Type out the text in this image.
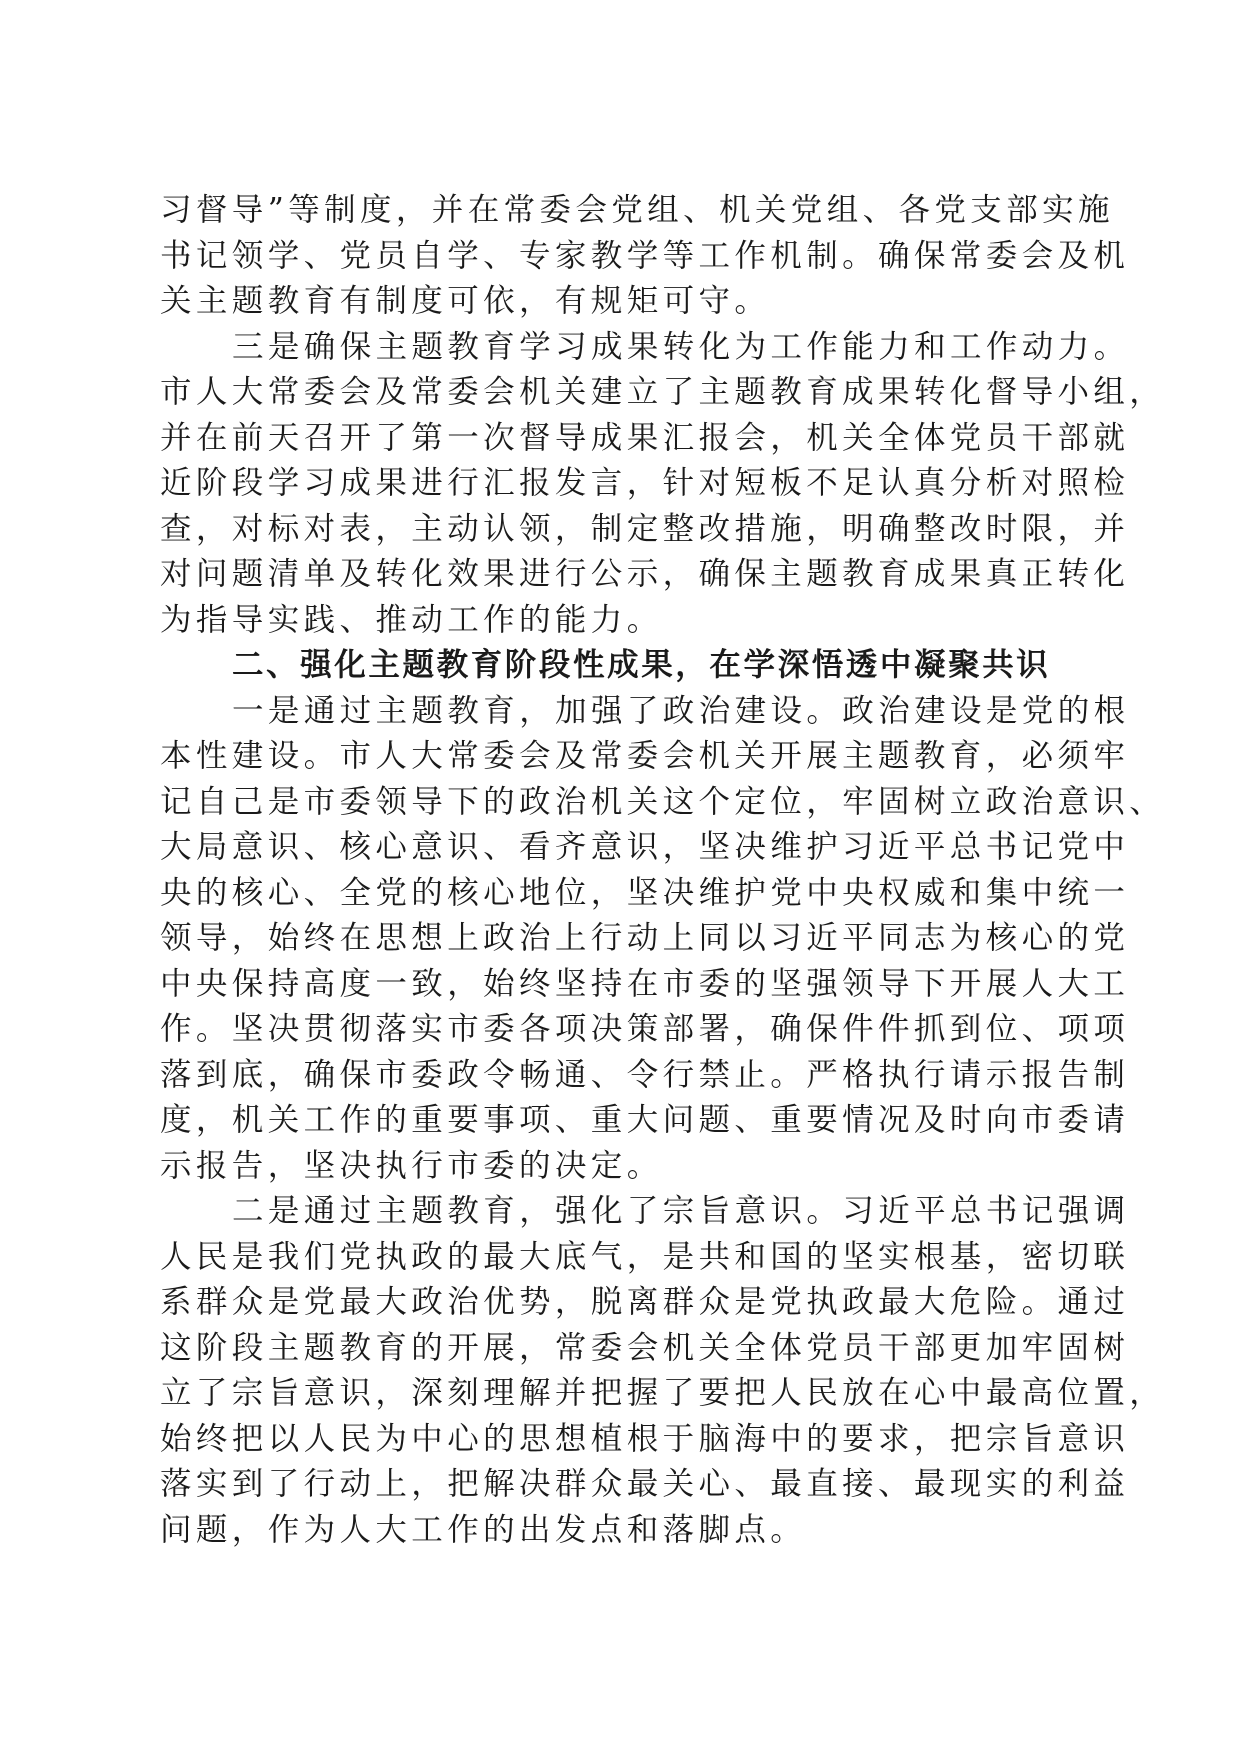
习督导”等制度，并在常委会党组、机关党组、各党支部实施
书记领学、党员自学、专家教学等工作机制。确保常委会及机
关主题教育有制度可依，有规矩可守。
三是确保主题教育学习成果转化为工作能力和工作动力。
市人大常委会及常委会机关建立了主题教育成果转化督导小组，
并在前天召开了第一次督导成果汇报会，机关全体党员干部就
近阶段学习成果进行汇报发言，针对短板不足认真分析对照检
查，对标对表，主动认领，制定整改措施，明确整改时限，并
对问题清单及转化效果进行公示，确保主题教育成果真正转化
为指导实践、推动工作的能力。
二、强化主题教育阶段性成果，在学深悟透中凝聚共识
一是通过主题教育，加强了政治建设。政治建设是党的根
本性建设。市人大常委会及常委会机关开展主题教育，必须牢
记自己是市委领导下的政治机关这个定位，牢固树立政治意识、
大局意识、核心意识、看齐意识，坚决维护习近平总书记党中
央的核心、全党的核心地位，坚决维护党中央权威和集中统一
领导，始终在思想上政治上行动上同以习近平同志为核心的党
中央保持高度一致，始终坚持在市委的坚强领导下开展人大工
作。坚决贯彻落实市委各项决策部署，确保件件抓到位、项项
落到底，确保市委政令畅通、令行禁止。严格执行请示报告制
度，机关工作的重要事项、重大问题、重要情况及时向市委请
示报告，坚决执行市委的决定。
二是通过主题教育，强化了宗旨意识。习近平总书记强调
人民是我们党执政的最大底气，是共和国的坚实根基，密切联
系群众是党最大政治优势，脱离群众是党执政最大危险。通过
这阶段主题教育的开展，常委会机关全体党员干部更加牢固树
立了宗旨意识，深刻理解并把握了要把人民放在心中最高位置，
始终把以人民为中心的思想植根于脑海中的要求，把宗旨意识
落实到了行动上，把解决群众最关心、最直接、最现实的利益
问题，作为人大工作的出发点和落脚点。
